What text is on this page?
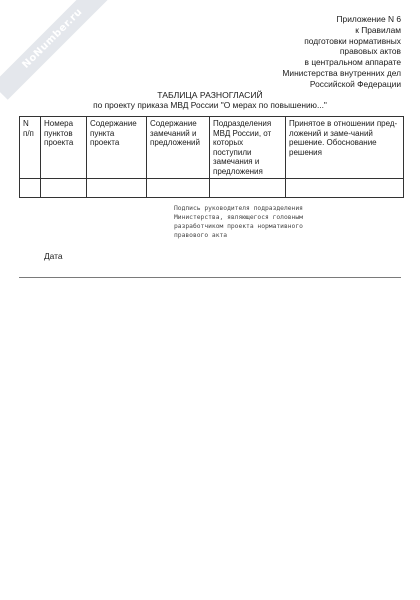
NoNumber.ru	Приложение N 6
к Правилам
подготовки нормативных
правовых актов
в центральном аппарате
Министерства внутренних дел
Российской Федерации
ТАБЛИЦА РАЗНОГЛАСИЙ
по проекту приказа МВД России "О мерах по повышению..."
N п/п	Номера пунктов проекта	Содержание пункта проекта	Содержание замечаний и предложений	Подразделения МВД России, от которых поступили замечания и предложения	Принятое в отношении пред-ложений и заме-чаний решение. Обоснование решения

Подпись руководителя подразделения
Министерства, являющегося головным
разработчиком проекта нормативного
правового акта
Дата
